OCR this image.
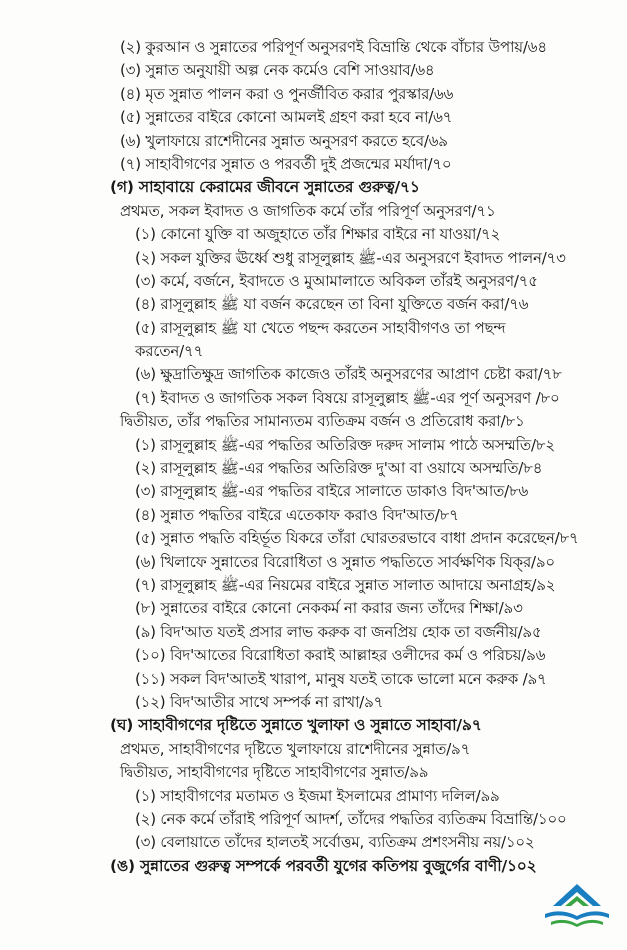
(২) কুরআন ও সুন্নাতের পরিপূর্ণ অনুসরণই বিভ্রান্তি থেকে বাঁচার উপায়/৬৪
(৩) সুন্নাত অনুযায়ী অল্প নেক কর্মেও বেশি সাওয়াব/৬৪
(৪) মৃত সুন্নাত পালন করা ও পুনর্জীবিত করার পুরস্কার/৬৬
(৫) সুন্নাতের বাইরে কোনো আমলই গ্রহণ করা হবে না/৬৭
(৬) খুলাফায়ে রাশেদীনের সুন্নাত অনুসরণ করতে হবে/৬৯
(৭) সাহাবীগণের সুন্নাত ও পরবর্তী দুই প্রজন্মের মর্যাদা/৭০
(গ) সাহাবায়ে কেরামের জীবনে সুন্নাতের গুরুত্ব/৭১
প্রথমত, সকল ইবাদত ও জাগতিক কর্মে তাঁর পরিপূর্ণ অনুসরণ/৭১
(১) কোনো যুক্তি বা অজুহাতে তাঁর শিক্ষার বাইরে না যাওয়া/৭২
(২) সকল যুক্তির ঊর্ধ্বে শুধু রাসূলুল্লাহ ﷺ-এর অনুসরণে ইবাদত পালন/৭৩
(৩) কর্মে, বর্জনে, ইবাদতে ও মুআমালাতে অবিকল তাঁরই অনুসরণ/৭৫
(৪) রাসূলুল্লাহ ﷺ যা বর্জন করেছেন তা বিনা যুক্তিতে বর্জন করা/৭৬
(৫) রাসূলুল্লাহ ﷺ যা খেতে পছন্দ করতেন সাহাবীগণও তা পছন্দ
করতেন/৭৭
(৬) ক্ষুদ্রাতিক্ষুদ্র জাগতিক কাজেও তাঁরই অনুসরণের আপ্রাণ চেষ্টা করা/৭৮
(৭) ইবাদত ও জাগতিক সকল বিষয়ে রাসূলুল্লাহ ﷺ-এর পূর্ণ অনুসরণ /৮০
দ্বিতীয়ত, তাঁর পদ্ধতির সামান্যতম ব্যতিক্রম বর্জন ও প্রতিরোধ করা/৮১
(১) রাসূলুল্লাহ ﷺ-এর পদ্ধতির অতিরিক্ত দরুদ সালাম পাঠে অসম্মতি/৮২
(২) রাসূলুল্লাহ ﷺ-এর পদ্ধতির অতিরিক্ত দু'আ বা ওয়াযে অসম্মতি/৮৪
(৩) রাসূলুল্লাহ ﷺ-এর পদ্ধতির বাইরে সালাতে ডাকাও বিদ'আত/৮৬
(৪) সুন্নাত পদ্ধতির বাইরে এতেকাফ করাও বিদ'আত/৮৭
(৫) সুন্নাত পদ্ধতি বহির্ভূত যিকরে তাঁরা ঘোরতরভাবে বাধা প্রদান করেছেন/৮৭
(৬) খিলাফে সুন্নাতের বিরোধিতা ও সুন্নাত পদ্ধতিতে সার্বক্ষণিক যিক্‌র/৯০
(৭) রাসূলুল্লাহ ﷺ-এর নিয়মের বাইরে সুন্নাত সালাত আদায়ে অনাগ্রহ/৯২
(৮) সুন্নাতের বাইরে কোনো নেককর্ম না করার জন্য তাঁদের শিক্ষা/৯৩
(৯) বিদ'আত যতই প্রসার লাভ করুক বা জনপ্রিয় হোক তা বর্জনীয়/৯৫
(১০) বিদ'আতের বিরোধিতা করাই আল্লাহর ওলীদের কর্ম ও পরিচয়/৯৬
(১১) সকল বিদ'আতই খারাপ, মানুষ যতই তাকে ভালো মনে করুক /৯৭
(১২) বিদ'আতীর সাথে সম্পর্ক না রাখা/৯৭
(ঘ) সাহাবীগণের দৃষ্টিতে সুন্নাতে খুলাফা ও সুন্নাতে সাহাবা/৯৭
প্রথমত, সাহাবীগণের দৃষ্টিতে খুলাফায়ে রাশেদীনের সুন্নাত/৯৭
দ্বিতীয়ত, সাহাবীগণের দৃষ্টিতে সাহাবীগণের সুন্নাত/৯৯
(১) সাহাবীগণের মতামত ও ইজমা ইসলামের প্রামাণ্য দলিল/৯৯
(২) নেক কর্মে তাঁরাই পরিপূর্ণ আদর্শ, তাঁদের পদ্ধতির ব্যতিক্রম বিভ্রান্তি/১০০
(৩) বেলায়াতে তাঁদের হালতই সর্বোত্তম, ব্যতিক্রম প্রশংসনীয় নয়/১০২
(ঙ) সুন্নাতের গুরুত্ব সম্পর্কে পরবর্তী যুগের কতিপয় বুজুর্গের বাণী/১০২
